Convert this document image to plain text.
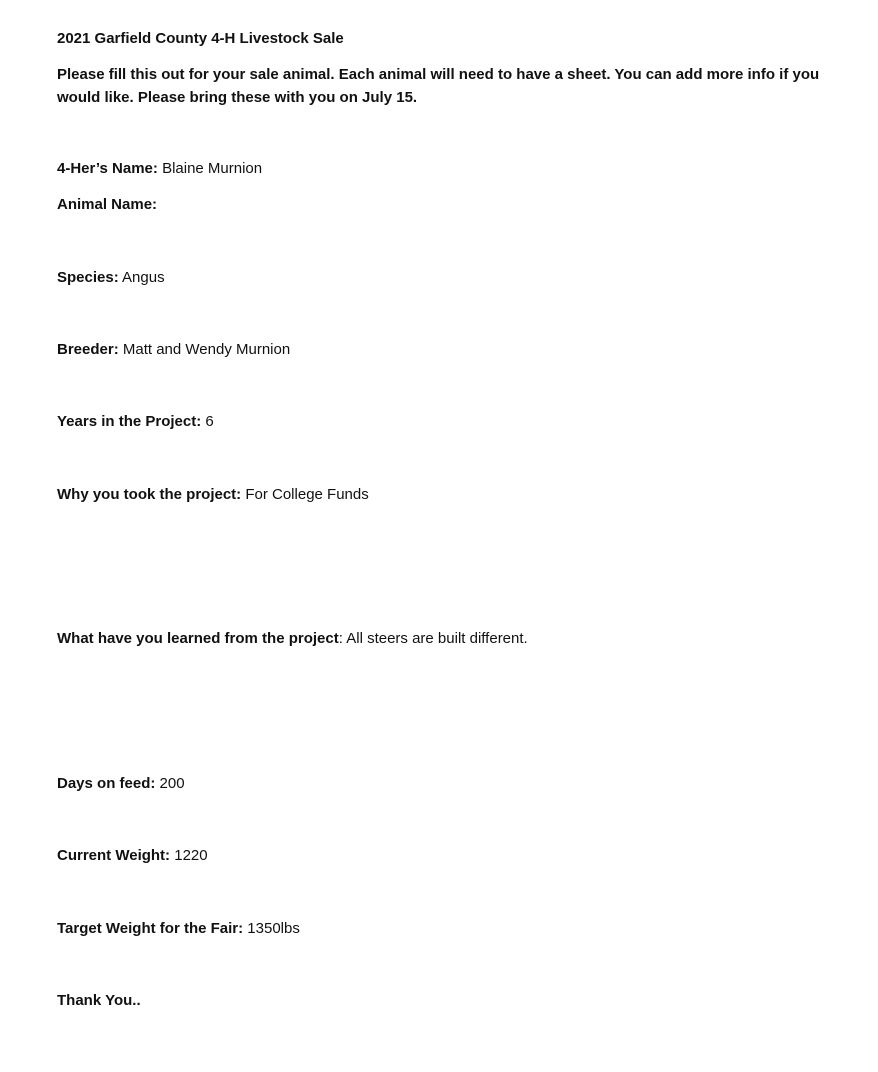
2021 Garfield County 4-H Livestock Sale
Please fill this out for your sale animal. Each animal will need to have a sheet. You can add more info if you would like. Please bring these with you on July 15.
4-Her’s Name: Blaine Murnion
Animal Name:
Species: Angus
Breeder: Matt and Wendy Murnion
Years in the Project: 6
Why you took the project: For College Funds
What have you learned from the project: All steers are built different.
Days on feed: 200
Current Weight: 1220
Target Weight for the Fair: 1350lbs
Thank You..
